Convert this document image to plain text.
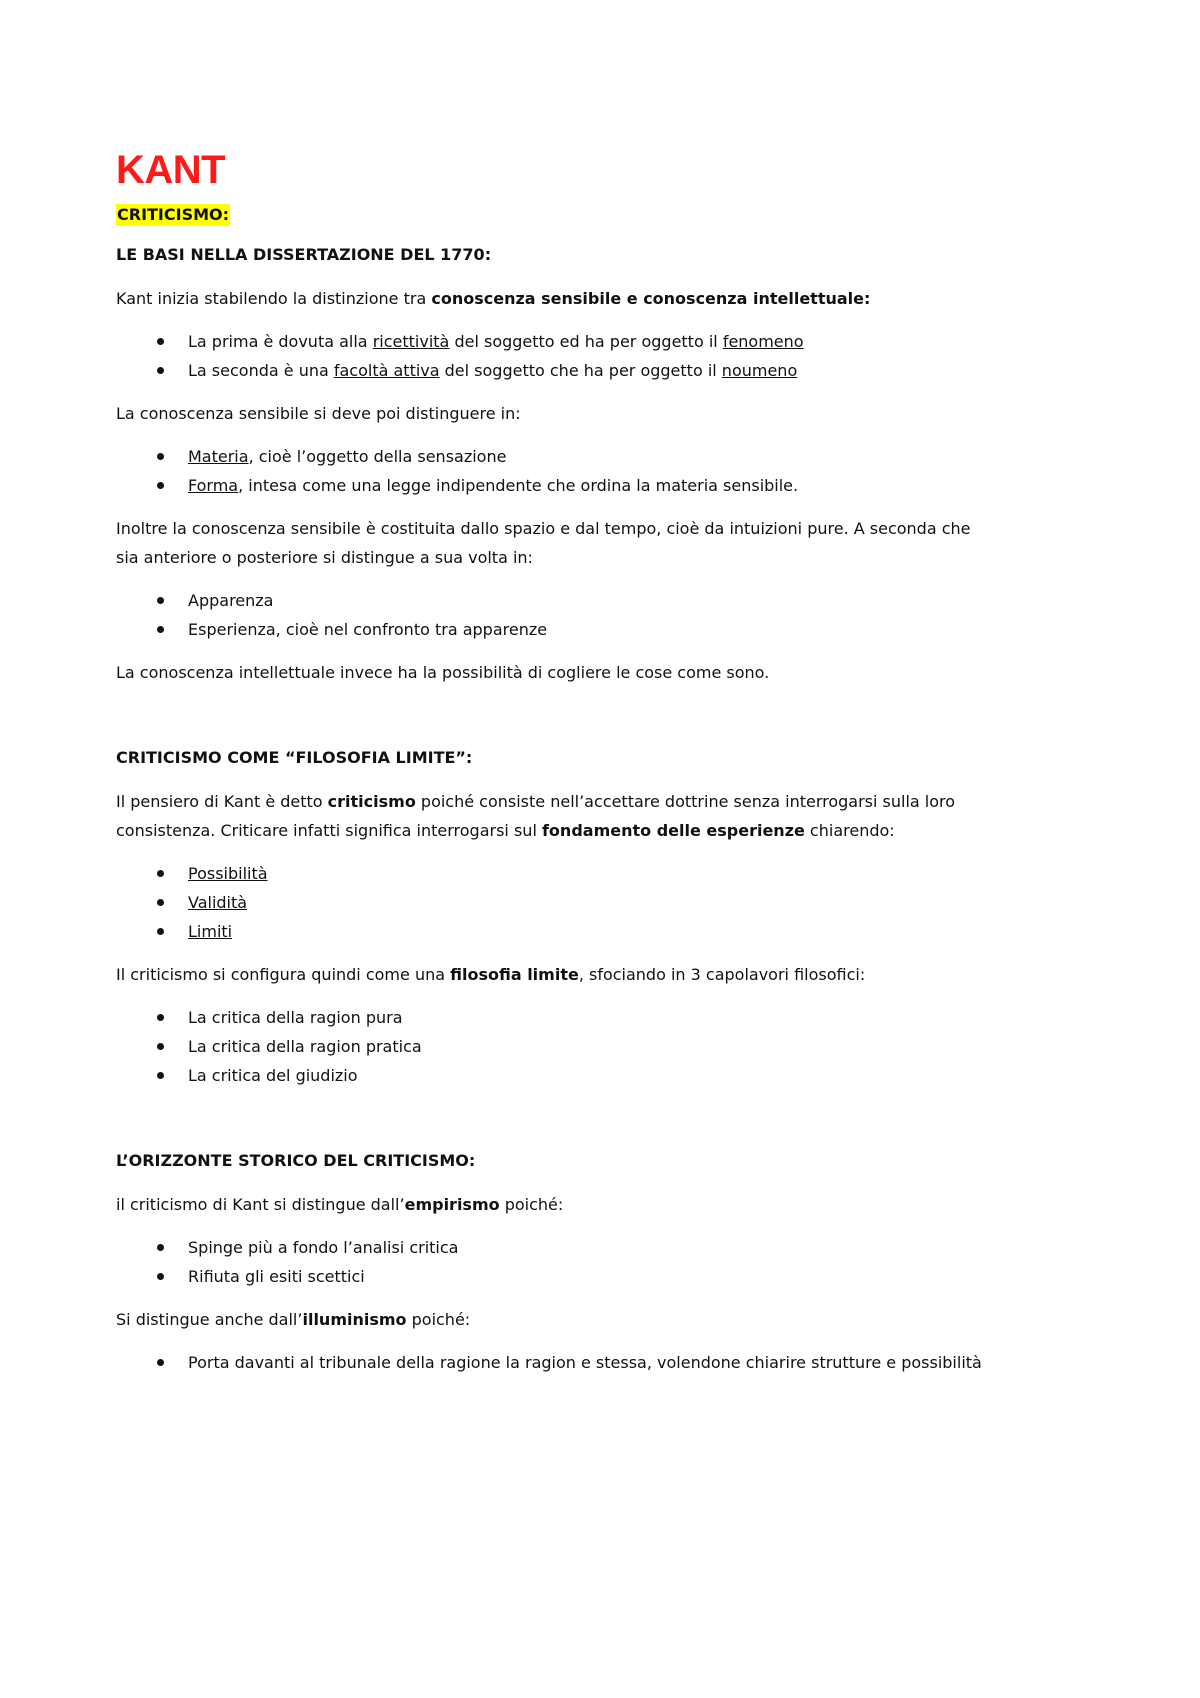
KANT
CRITICISMO:
LE BASI NELLA DISSERTAZIONE DEL 1770:

Kant inizia stabilendo la distinzione tra conoscenza sensibile e conoscenza intellettuale:

La prima è dovuta alla ricettività del soggetto ed ha per oggetto il fenomeno
La seconda è una facoltà attiva del soggetto che ha per oggetto il noumeno

La conoscenza sensibile si deve poi distinguere in:

Materia, cioè l’oggetto della sensazione
Forma, intesa come una legge indipendente che ordina la materia sensibile.

Inoltre la conoscenza sensibile è costituita dallo spazio e dal tempo, cioè da intuizioni pure. A seconda che
sia anteriore o posteriore si distingue a sua volta in:

Apparenza
Esperienza, cioè nel confronto tra apparenze

La conoscenza intellettuale invece ha la possibilità di cogliere le cose come sono.

CRITICISMO COME “FILOSOFIA LIMITE”:

Il pensiero di Kant è detto criticismo poiché consiste nell’accettare dottrine senza interrogarsi sulla loro
consistenza. Criticare infatti significa interrogarsi sul fondamento delle esperienze chiarendo:

Possibilità
Validità
Limiti

Il criticismo si configura quindi come una filosofia limite, sfociando in 3 capolavori filosofici:

La critica della ragion pura
La critica della ragion pratica
La critica del giudizio
L’ORIZZONTE STORICO DEL CRITICISMO:

il criticismo di Kant si distingue dall’empirismo poiché:

Spinge più a fondo l’analisi critica
Rifiuta gli esiti scettici

Si distingue anche dall’illuminismo poiché:

Porta davanti al tribunale della ragione la ragion e stessa, volendone chiarire strutture e possibilità
